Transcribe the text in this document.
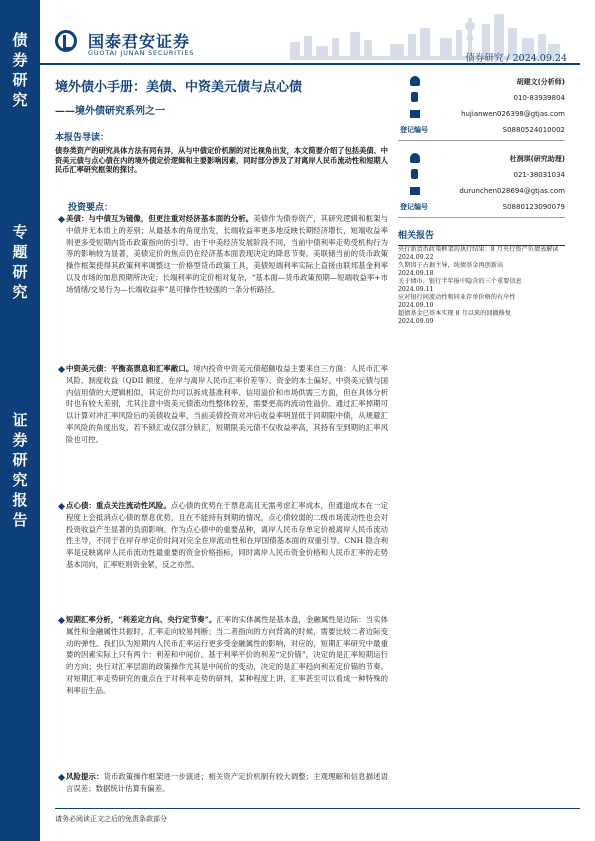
债
券
研
究
专
题
研
究
证
券
研
究
报
告
国泰君安证券
GUOTAI JUNAN SECURITIES	债券研究 / 2024.09.24
境外债小手册：美债、中资美元债与点心债
——境外债研究系列之一
胡建文(分析师)
010-83939804
hujianwen026398@gtjas.com
登记编号	S0880524010002
杜润琪(研究助理)
021-38031034
durunchen028694@gtjas.com
登记编号	S0880123090079
相关报告
央行新货币政策框架的执行结果：8 月央行资产负债表解读
2024.09.22
久期因子占据主导，纯债基金再创新高
2024.09.18
关于债市，银行半年报中隐含的三个重要信息
2024.09.11
应对银行间流动性和同业存单价格的有序性
2024.09.10
超债基金已基本实现 8 月以来的回撤修复
2024.09.09
本报告导读：
债券类资产的研究具体方法有同有异，从与中债定价机制的对比视角出发，本文简要介绍了包括美债、中资美元债与点心债在内的境外债定价逻辑和主要影响因素，同时部分涉及了对离岸人民币流动性和短期人民币汇率研究框架的探讨。
投资要点：
美债：与中债互为镜像，但更注重对经济基本面的分析。美债作为债券资产，其研究逻辑和框架与中债并无本质上的差别；从最基本的角度出发，长端收益率更多地反映长期经济增长，短端收益率则更多受短期内货币政策指向的引导。由于中美经济发展阶段不同，当前中债利率走势受机构行为等的影响较为显著，美债定价的焦点仍在经济基本面表现决定的降息节奏。美联储当前的货币政策操作框架使得其政策利率调整这一价格型货币政策工具，美债短端利率实际上直接由联邦基金利率以及市场的加息预期所决定；长端利率的定价相对复杂，“基本面—货币政策预期—短端收益率+市场情绪/交易行为—长端收益率”是可操作性较强的一条分析路径。
中资美元债：平衡高票息和汇率敞口。境内投资中资美元债超额收益主要来自三方面：人民币汇率风险、制度收益（QDII 额度、在岸与离岸人民币汇率价差等）、资金的本土偏好。中资美元债与国内信用债的大逻辑相似，其定价均可以拆成基准利率、信用溢价和市场供需三方面，但在具体分析时也有较大差别，尤其注意中资美元债流动性整体较差，需要更高的流动性溢价。通过汇率掉期可以计算对冲汇率风险后的美债收益率，当前美债投资对冲后收益率明显低于同期限中债，从规避汇率风险的角度出发，若不锁汇或仅部分锁汇，短期限美元债不仅收益率高，其持有至到期的汇率风险也可控。
点心债：重点关注流动性风险。点心债的优势在于票息高且无需考虑汇率成本，但通道成本在一定程度上会抵消点心债的票息优势，且在不能持有到期的情况，点心债较弱的二级市场流动性也会对投资收益产生显著的负面影响。作为点心债中的重要品种，离岸人民币存单定价被离岸人民币流动性主导，不同于在岸存单定价时间对完全在岸流动性和在岸国债基本面的双重引导。CNH 隐含利率是反映离岸人民币流动性最重要的资金价格指标，同时离岸人民币资金价格和人民币汇率的走势基本同向，汇率贬则资金紧，反之亦然。
短期汇率分析，“利差定方向、央行定节奏”。汇率的实体属性是基本盘，金融属性是边际：当实体属性和金融属性共振时，汇率走向较易判断；当二者指向的方向背离的时候，需要比较二者边际变动的弹性。我们认为短期内人民币汇率运行更多受金融属性的影响，对应的，短期汇率研究中最重要的因素实际上只有两个：利差和中间价。基于利率平价的利差“定价锚”，决定的是汇率短期运行的方向；央行对汇率层面的政策操作尤其是中间价的变动，决定的是汇率趋向利差定价锚的节奏。对短期汇率走势研究的重点在于对利率走势的研判，某种程度上讲，汇率甚至可以看成一种特殊的利率衍生品。
风险提示：货币政策操作框架进一步演进；相关资产定价机制有较大调整；主观理解和信息描述语言误差；数据统计估算有偏差。
请务必阅读正文之后的免责条款部分
